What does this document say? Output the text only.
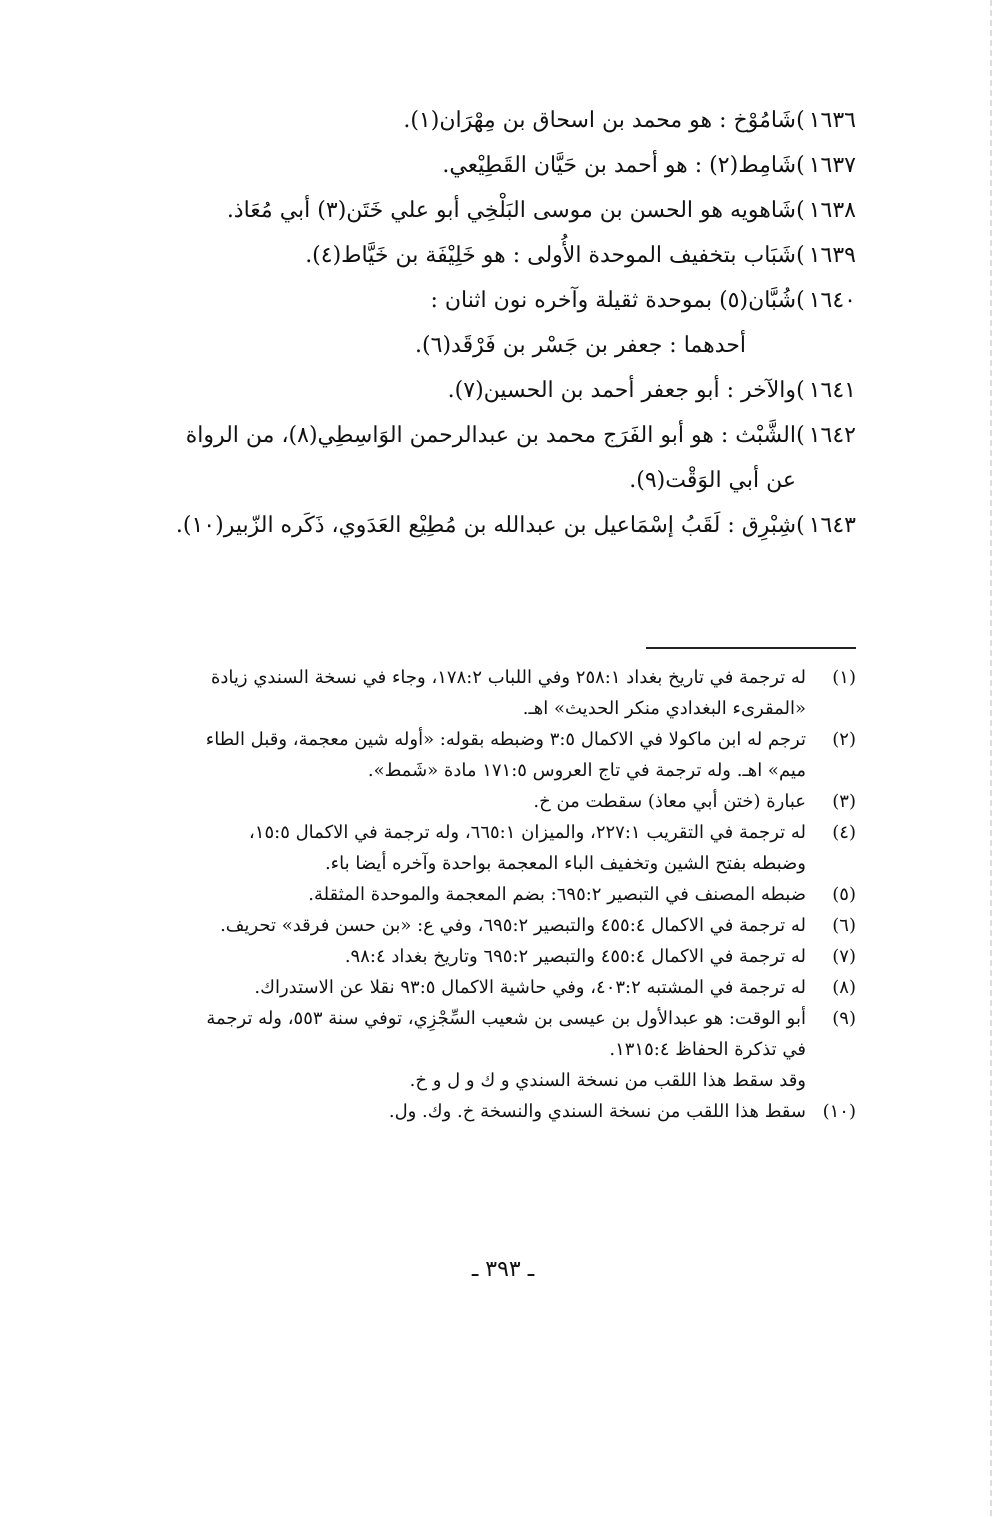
١٦٣٦)
شَامُوْخ : هو محمد بن اسحاق بن مِهْرَان(١).
١٦٣٧)
شَامِط(٢) : هو أحمد بن حَيَّان القَطِيْعي.
١٦٣٨)
شَاهويه هو الحسن بن موسى البَلْخِي أبو علي خَتَن(٣) أبي مُعَاذ.
١٦٣٩)
شَبَاب بتخفيف الموحدة الأُولى : هو خَلِيْفَة بن خَيَّاط(٤).
١٦٤٠)
شُبَّان(٥) بموحدة ثقيلة وآخره نون اثنان :
أحدهما : جعفر بن جَسْر بن فَرْقَد(٦).
١٦٤١)
والآخر : أبو جعفر أحمد بن الحسين(٧).
١٦٤٢)
الشَّبْث : هو أبو الفَرَج محمد بن عبدالرحمن الوَاسِطِي(٨)، من الرواة
عن أبي الوَقْت(٩).
١٦٤٣)
شِبْرِق : لَقَبُ إسْمَاعيل بن عبدالله بن مُطِيْع العَدَوي، ذَكَره الزّبير(١٠).
(١)
له ترجمة في تاريخ بغداد ٢٥٨:١ وفي اللباب ١٧٨:٢، وجاء في نسخة السندي زيادة
«المقرىء البغدادي منكر الحديث» اهـ.
(٢)
ترجم له ابن ماكولا في الاكمال ٣:٥ وضبطه بقوله: «أوله شين معجمة، وقبل الطاء
ميم» اهـ. وله ترجمة في تاج العروس ١٧١:٥ مادة «شَمط».
(٣)
عبارة (ختن أبي معاذ) سقطت من خ.
(٤)
له ترجمة في التقريب ٢٢٧:١، والميزان ٦٦٥:١، وله ترجمة في الاكمال ١٥:٥،
وضبطه بفتح الشين وتخفيف الباء المعجمة بواحدة وآخره أيضا باء.
(٥)
ضبطه المصنف في التبصير ٦٩٥:٢: بضم المعجمة والموحدة المثقلة.
(٦)
له ترجمة في الاكمال ٤٥٥:٤ والتبصير ٦٩٥:٢، وفي ع: «بن حسن فرقد» تحريف.
(٧)
له ترجمة في الاكمال ٤٥٥:٤ والتبصير ٦٩٥:٢ وتاريخ بغداد ٩٨:٤.
(٨)
له ترجمة في المشتبه ٤٠٣:٢، وفي حاشية الاكمال ٩٣:٥ نقلا عن الاستدراك.
(٩)
أبو الوقت: هو عبدالأول بن عيسى بن شعيب السِّجْزِي، توفي سنة ٥٥٣، وله ترجمة
في تذكرة الحفاظ ١٣١٥:٤.
وقد سقط هذا اللقب من نسخة السندي و ك و ل و خ.
(١٠)
سقط هذا اللقب من نسخة السندي والنسخة خ. وك. ول.
ـ ٣٩٣ ـ
